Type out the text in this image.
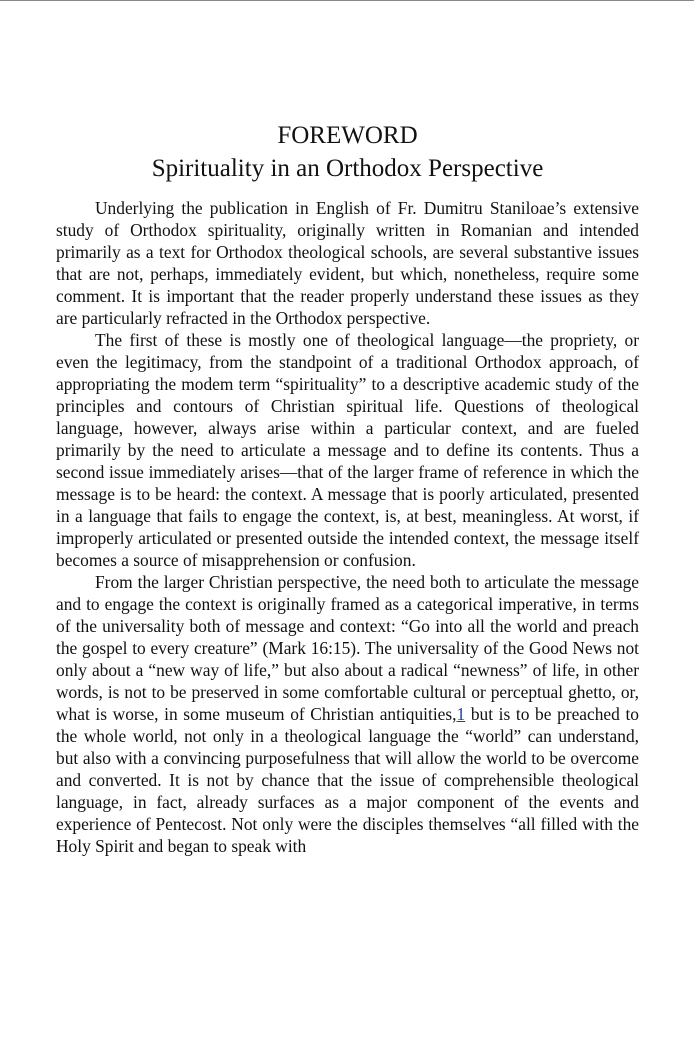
FOREWORD
Spirituality in an Orthodox Perspective

Underlying the publication in English of Fr. Dumitru Staniloae’s extensive study of Orthodox spirituality, originally written in Romanian and intended primarily as a text for Orthodox theological schools, are several substantive issues that are not, perhaps, immediately evident, but which, nonetheless, require some comment. It is important that the reader properly understand these issues as they are particularly refracted in the Orthodox perspective.

The first of these is mostly one of theological language—the propriety, or even the legitimacy, from the standpoint of a traditional Orthodox approach, of appropriating the modem term “spirituality” to a descriptive academic study of the principles and contours of Christian spiritual life. Questions of theological language, however, always arise within a particular context, and are fueled primarily by the need to articulate a message and to define its contents. Thus a second issue immediately arises—that of the larger frame of reference in which the message is to be heard: the context. A message that is poorly articulated, presented in a language that fails to engage the context, is, at best, meaningless. At worst, if improperly articulated or presented outside the intended context, the message itself becomes a source of misapprehension or confusion.

From the larger Christian perspective, the need both to articulate the message and to engage the context is originally framed as a categorical imperative, in terms of the universality both of message and context: “Go into all the world and preach the gospel to every creature” (Mark 16:15). The universality of the Good News not only about a “new way of life,” but also about a radical “newness” of life, in other words, is not to be preserved in some comfortable cultural or perceptual ghetto, or, what is worse, in some museum of Christian antiquities,1 but is to be preached to the whole world, not only in a theological language the “world” can understand, but also with a convincing purposefulness that will allow the world to be overcome and converted. It is not by chance that the issue of comprehensible theological language, in fact, already surfaces as a major component of the events and experience of Pentecost. Not only were the disciples themselves “all filled with the Holy Spirit and began to speak with
